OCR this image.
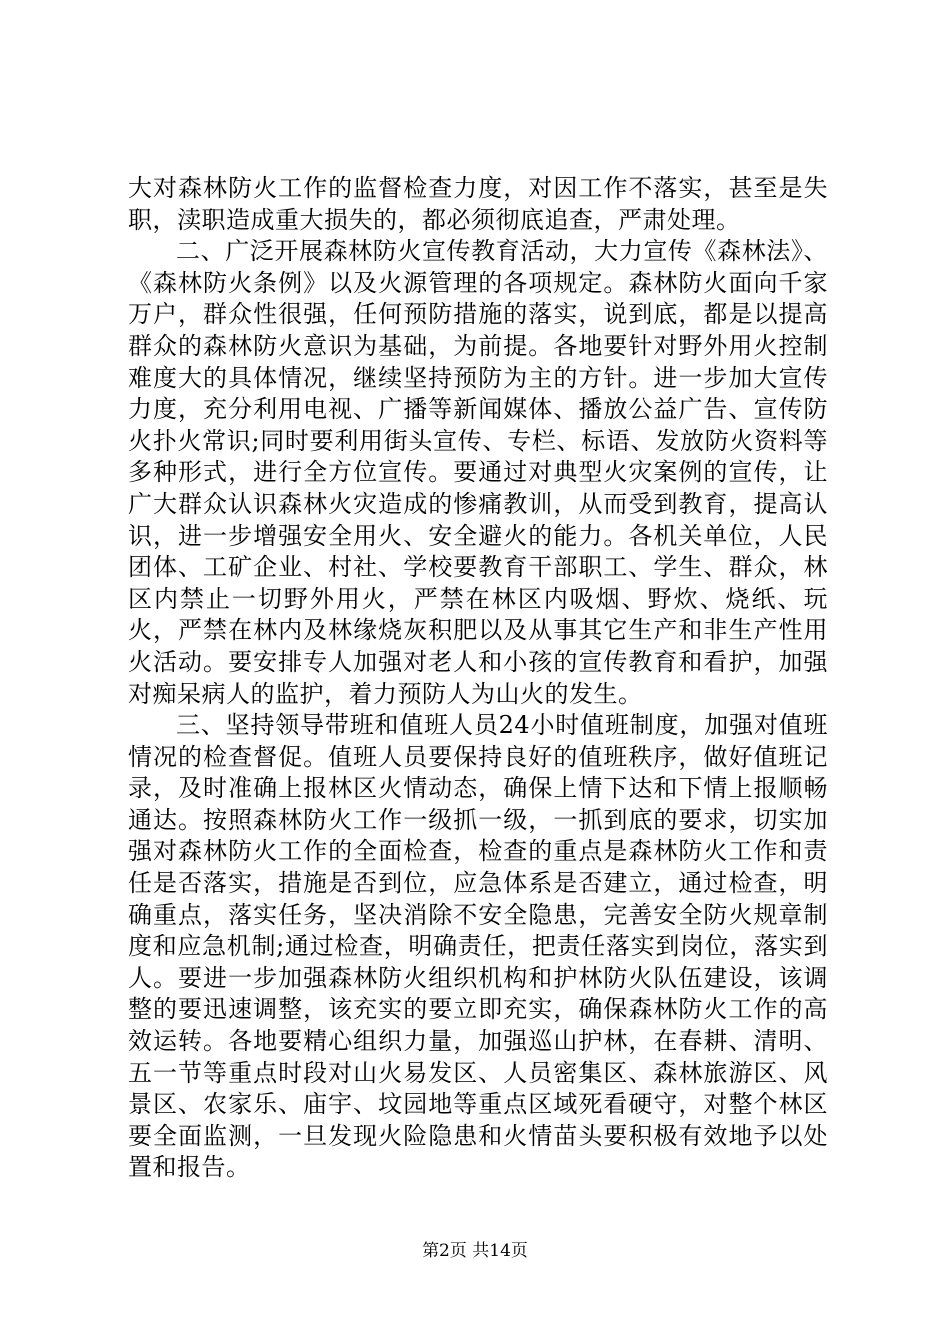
大对森林防火工作的监督检查力度，对因工作不落实，甚至是失职，渎职造成重大损失的，都必须彻底追查，严肃处理。

二、广泛开展森林防火宣传教育活动，大力宣传《森林法》、《森林防火条例》以及火源管理的各项规定。森林防火面向千家万户，群众性很强，任何预防措施的落实，说到底，都是以提高群众的森林防火意识为基础，为前提。各地要针对野外用火控制难度大的具体情况，继续坚持预防为主的方针。进一步加大宣传力度，充分利用电视、广播等新闻媒体、播放公益广告、宣传防火扑火常识;同时要利用街头宣传、专栏、标语、发放防火资料等多种形式，进行全方位宣传。要通过对典型火灾案例的宣传，让广大群众认识森林火灾造成的惨痛教训，从而受到教育，提高认识，进一步增强安全用火、安全避火的能力。各机关单位，人民团体、工矿企业、村社、学校要教育干部职工、学生、群众，林区内禁止一切野外用火，严禁在林区内吸烟、野炊、烧纸、玩火，严禁在林内及林缘烧灰积肥以及从事其它生产和非生产性用火活动。要安排专人加强对老人和小孩的宣传教育和看护，加强对痴呆病人的监护，着力预防人为山火的发生。

三、坚持领导带班和值班人员24小时值班制度，加强对值班情况的检查督促。值班人员要保持良好的值班秩序，做好值班记录，及时准确上报林区火情动态，确保上情下达和下情上报顺畅通达。按照森林防火工作一级抓一级，一抓到底的要求，切实加强对森林防火工作的全面检查，检查的重点是森林防火工作和责任是否落实，措施是否到位，应急体系是否建立，通过检查，明确重点，落实任务，坚决消除不安全隐患，完善安全防火规章制度和应急机制;通过检查，明确责任，把责任落实到岗位，落实到人。要进一步加强森林防火组织机构和护林防火队伍建设，该调整的要迅速调整，该充实的要立即充实，确保森林防火工作的高效运转。各地要精心组织力量，加强巡山护林，在春耕、清明、五一节等重点时段对山火易发区、人员密集区、森林旅游区、风景区、农家乐、庙宇、坟园地等重点区域死看硬守，对整个林区要全面监测，一旦发现火险隐患和火情苗头要积极有效地予以处置和报告。

第2页 共14页
